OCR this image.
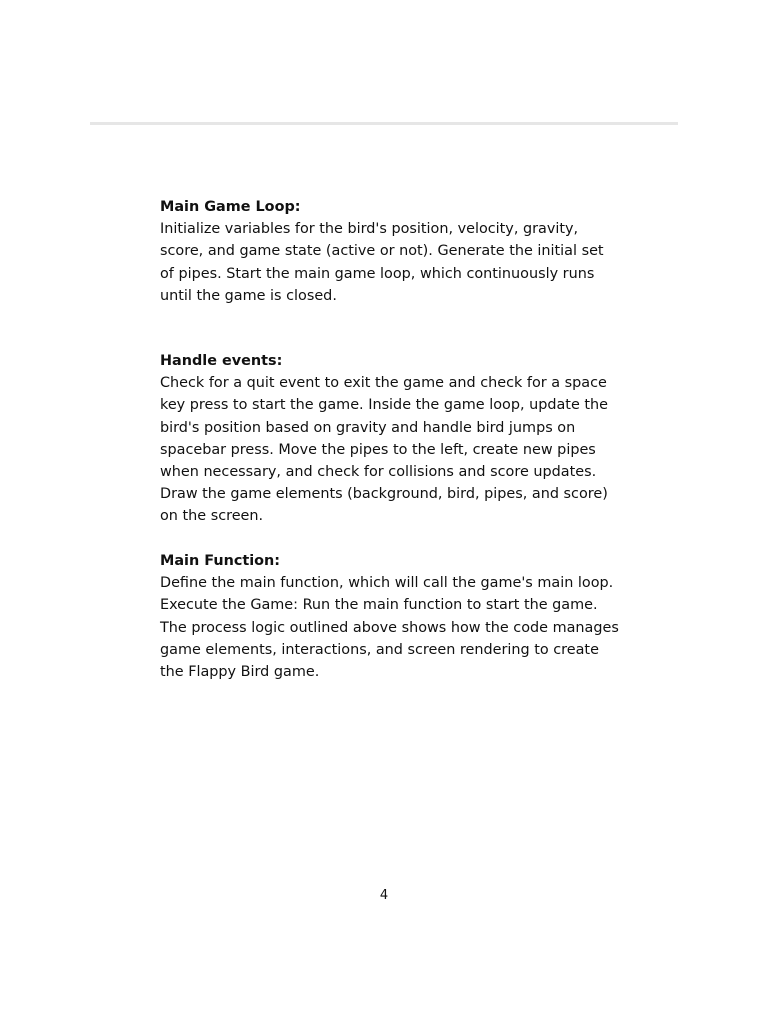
Main Game Loop:
Initialize variables for the bird's position, velocity, gravity, score, and game state (active or not). Generate the initial set of pipes. Start the main game loop, which continuously runs until the game is closed.
Handle events:
Check for a quit event to exit the game and check for a space key press to start the game. Inside the game loop, update the bird's position based on gravity and handle bird jumps on spacebar press. Move the pipes to the left, create new pipes when necessary, and check for collisions and score updates. Draw the game elements (background, bird, pipes, and score) on the screen.
Main Function:
Define the main function, which will call the game's main loop. Execute the Game: Run the main function to start the game. The process logic outlined above shows how the code manages game elements, interactions, and screen rendering to create the Flappy Bird game.
4
